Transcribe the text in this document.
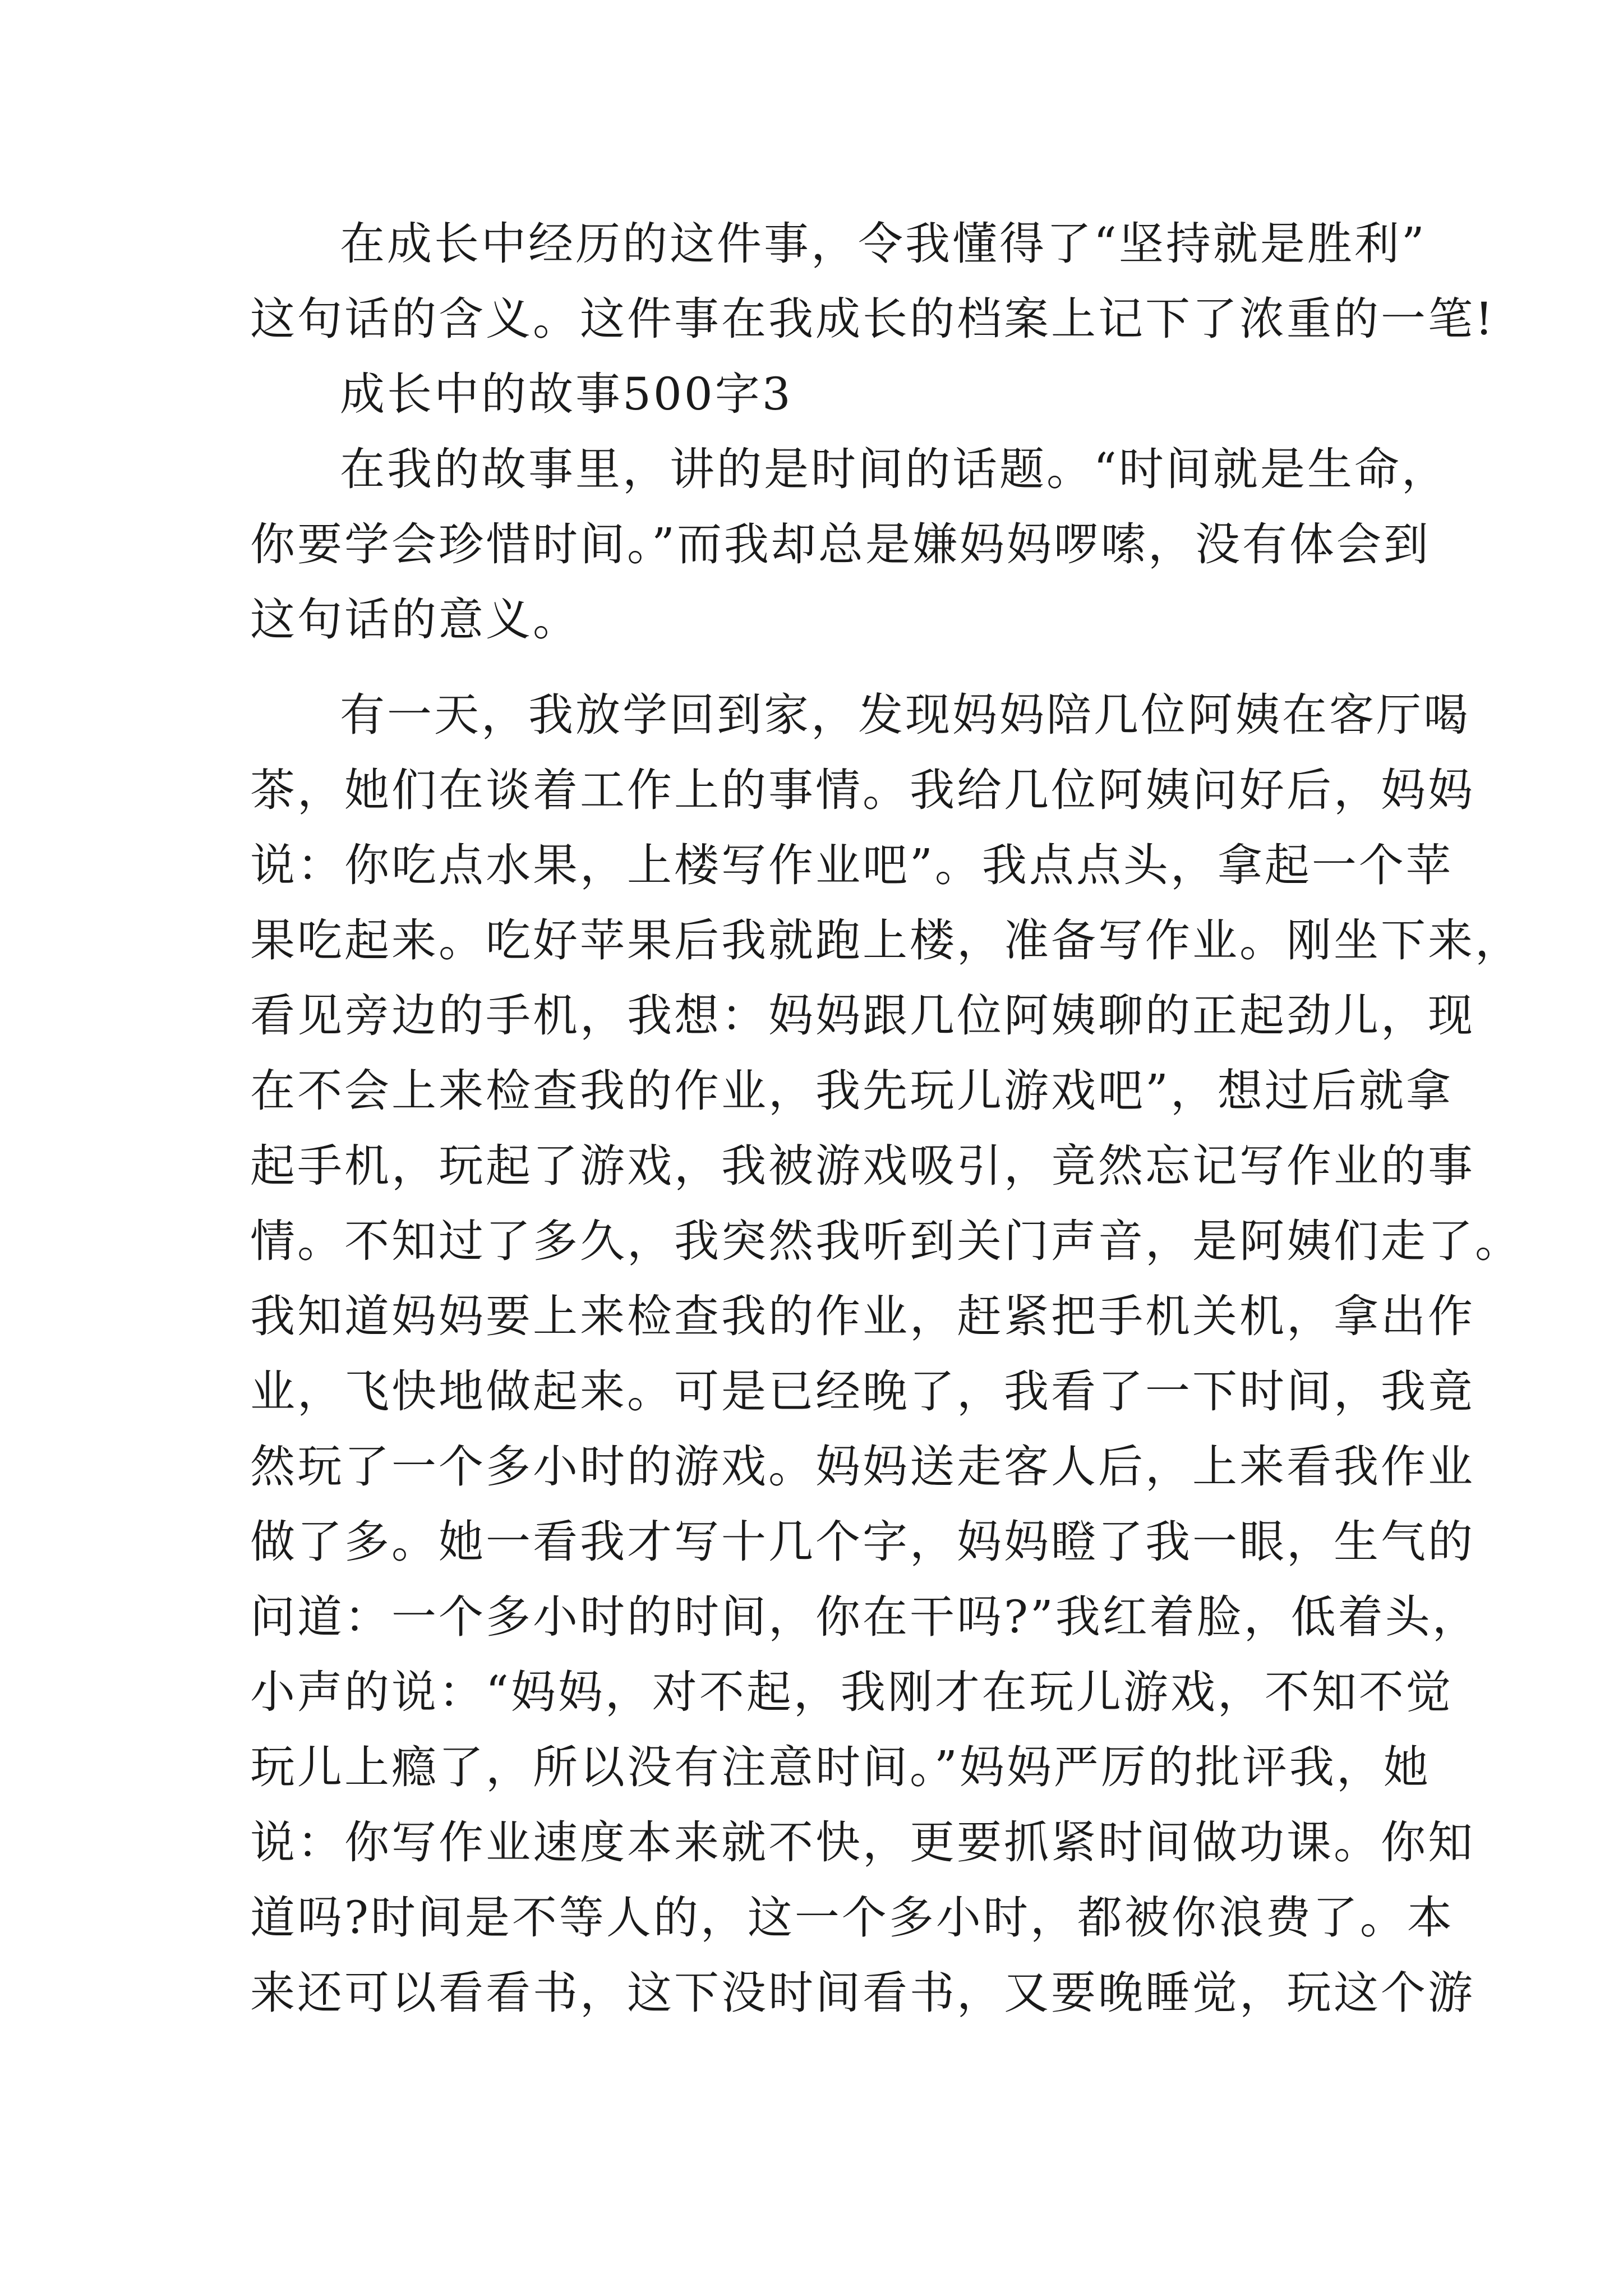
在成长中经历的这件事，令我懂得了“坚持就是胜利”
这句话的含义。这件事在我成长的档案上记下了浓重的一笔!
成长中的故事500字3
在我的故事里，讲的是时间的话题。“时间就是生命，
你要学会珍惜时间。”而我却总是嫌妈妈啰嗦，没有体会到
这句话的意义。
有一天，我放学回到家，发现妈妈陪几位阿姨在客厅喝
茶，她们在谈着工作上的事情。我给几位阿姨问好后，妈妈
说：你吃点水果，上楼写作业吧”。我点点头，拿起一个苹
果吃起来。吃好苹果后我就跑上楼，准备写作业。刚坐下来，
看见旁边的手机，我想：妈妈跟几位阿姨聊的正起劲儿，现
在不会上来检查我的作业，我先玩儿游戏吧”，想过后就拿
起手机，玩起了游戏，我被游戏吸引，竟然忘记写作业的事
情。不知过了多久，我突然我听到关门声音，是阿姨们走了。
我知道妈妈要上来检查我的作业，赶紧把手机关机，拿出作
业，飞快地做起来。可是已经晚了，我看了一下时间，我竟
然玩了一个多小时的游戏。妈妈送走客人后，上来看我作业
做了多。她一看我才写十几个字，妈妈瞪了我一眼，生气的
问道：一个多小时的时间，你在干吗?”我红着脸，低着头，
小声的说：“妈妈，对不起，我刚才在玩儿游戏，不知不觉
玩儿上瘾了，所以没有注意时间。”妈妈严厉的批评我，她
说：你写作业速度本来就不快，更要抓紧时间做功课。你知
道吗?时间是不等人的，这一个多小时，都被你浪费了。本
来还可以看看书，这下没时间看书，又要晚睡觉，玩这个游
